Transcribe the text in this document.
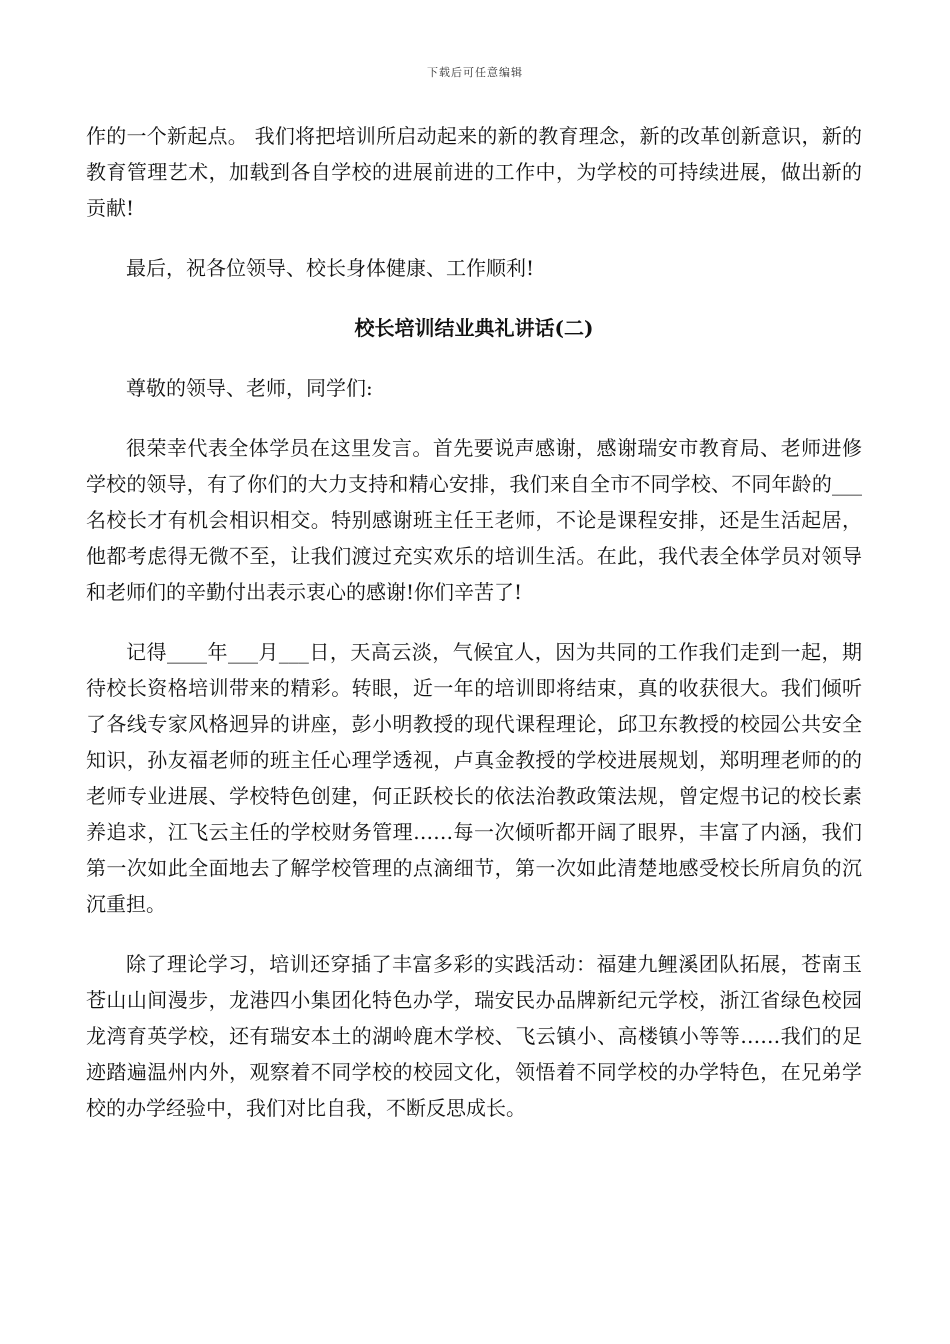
下载后可任意编辑

作的一个新起点。 我们将把培训所启动起来的新的教育理念，新的改革创新意识，新的教育管理艺术，加载到各自学校的进展前进的工作中，为学校的可持续进展，做出新的贡献!

最后，祝各位领导、校长身体健康、工作顺利!

校长培训结业典礼讲话(二)

尊敬的领导、老师，同学们:

很荣幸代表全体学员在这里发言。首先要说声感谢，感谢瑞安市教育局、老师进修学校的领导，有了你们的大力支持和精心安排，我们来自全市不同学校、不同年龄的___名校长才有机会相识相交。特别感谢班主任王老师，不论是课程安排，还是生活起居，他都考虑得无微不至，让我们渡过充实欢乐的培训生活。在此，我代表全体学员对领导和老师们的辛勤付出表示衷心的感谢!你们辛苦了!

记得____年___月___日，天高云淡，气候宜人，因为共同的工作我们走到一起，期待校长资格培训带来的精彩。转眼，近一年的培训即将结束，真的收获很大。我们倾听了各线专家风格迥异的讲座，彭小明教授的现代课程理论，邱卫东教授的校园公共安全知识，孙友福老师的班主任心理学透视，卢真金教授的学校进展规划，郑明理老师的的老师专业进展、学校特色创建，何正跃校长的依法治教政策法规，曾定煜书记的校长素养追求，江飞云主任的学校财务管理……每一次倾听都开阔了眼界，丰富了内涵，我们第一次如此全面地去了解学校管理的点滴细节，第一次如此清楚地感受校长所肩负的沉沉重担。

除了理论学习，培训还穿插了丰富多彩的实践活动：福建九鲤溪团队拓展，苍南玉苍山山间漫步，龙港四小集团化特色办学，瑞安民办品牌新纪元学校，浙江省绿色校园龙湾育英学校，还有瑞安本土的湖岭鹿木学校、飞云镇小、高楼镇小等等……我们的足迹踏遍温州内外，观察着不同学校的校园文化，领悟着不同学校的办学特色，在兄弟学校的办学经验中，我们对比自我，不断反思成长。
